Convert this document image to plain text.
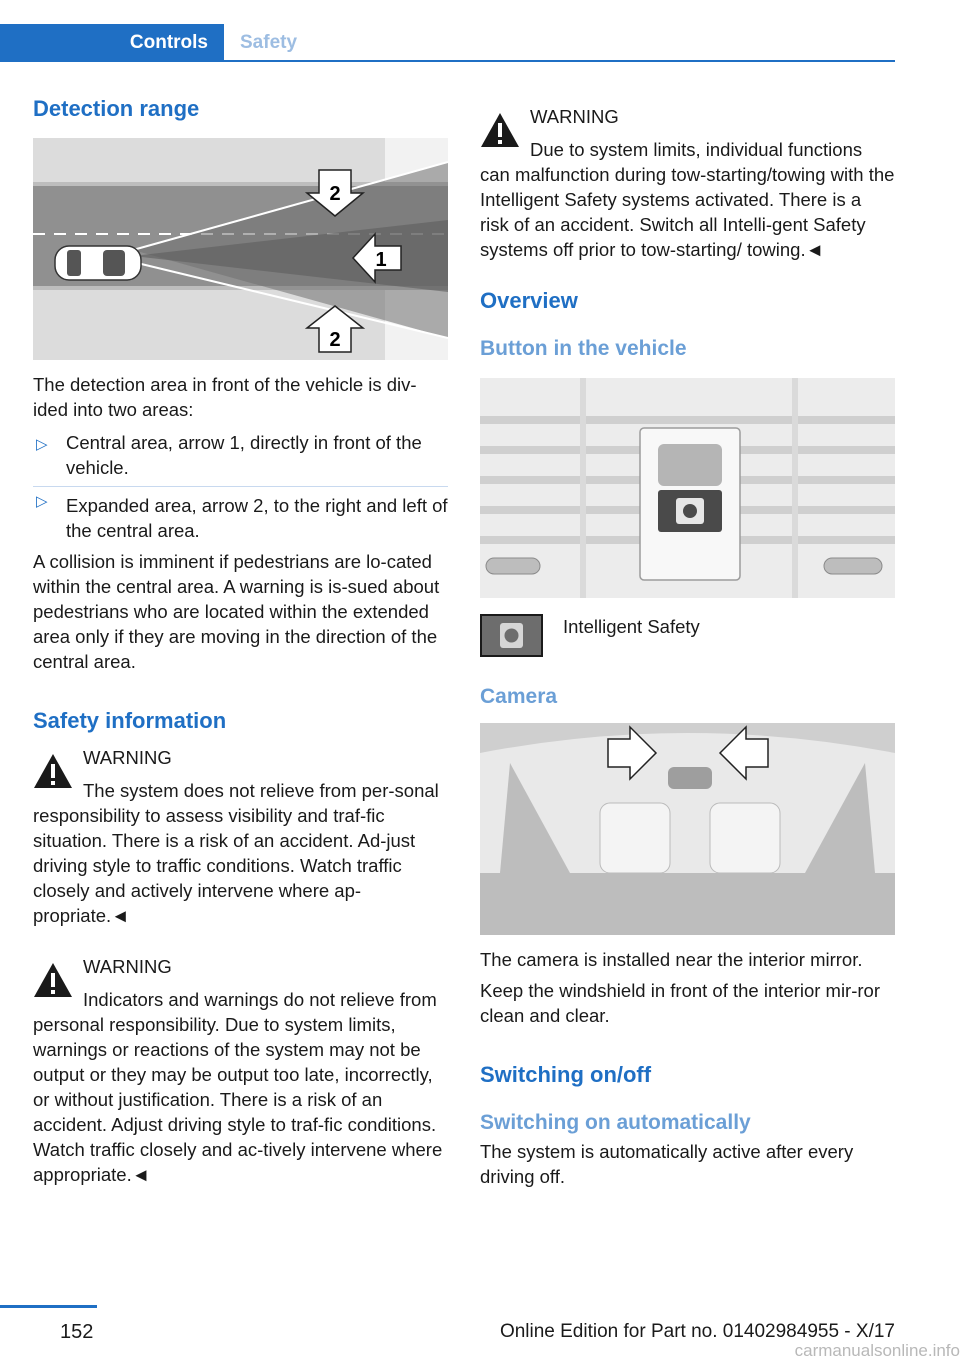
Controls	Safety
Detection range
2
1
2

The detection area in front of the vehicle is div-ided into two areas:

▷ Central area, arrow 1, directly in front of the vehicle.
▷ Expanded area, arrow 2, to the right and left of the central area.

A collision is imminent if pedestrians are lo-cated within the central area. A warning is is-sued about pedestrians who are located within the extended area only if they are moving in the direction of the central area.

Safety information
WARNING
The system does not relieve from per-sonal responsibility to assess visibility and traf-fic situation. There is a risk of an accident. Ad-just driving style to traffic conditions. Watch traffic closely and actively intervene where ap-propriate.◄
WARNING
Indicators and warnings do not relieve from personal responsibility. Due to system limits, warnings or reactions of the system may not be output or they may be output too late, incorrectly, or without justification. There is a risk of an accident. Adjust driving style to traf-fic conditions. Watch traffic closely and ac-tively intervene where appropriate.◄
WARNING
Due to system limits, individual functions can malfunction during tow-starting/towing with the Intelligent Safety systems activated. There is a risk of an accident. Switch all Intelli-gent Safety systems off prior to tow-starting/ towing.◄
Overview
Button in the vehicle
Intelligent Safety
Camera

The camera is installed near the interior mirror.

Keep the windshield in front of the interior mir-ror clean and clear.

Switching on/off
Switching on automatically

The system is automatically active after every driving off.

152	Online Edition for Part no. 01402984955 - X/17
carmanualsonline.info
